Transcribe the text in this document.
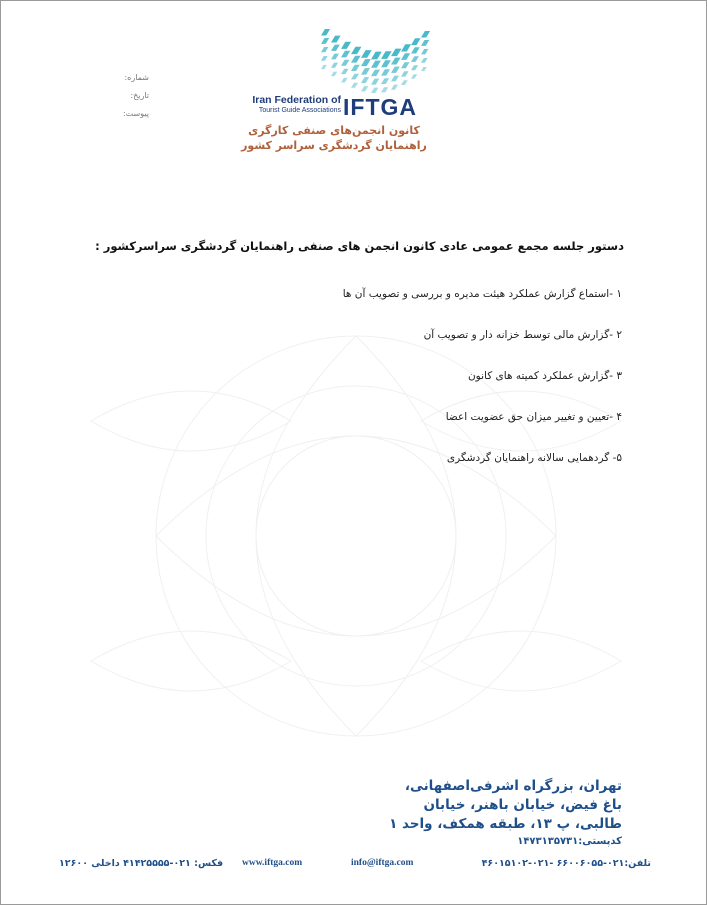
شماره:
تاریخ:
پیوست:
Iran Federation of
Tourist Guide Associations IFTGA
کانون انجمن‌های صنفی کارگری
راهنمایان گردشگری سراسر کشور
دستور جلسه مجمع عمومی عادی کانون انجمن های صنفی راهنمایان گردشگری سراسرکشور :
۱ -استماع گزارش عملکرد هیئت مدیره و بررسی و تصویب آن ها
۲ -گزارش مالی توسط خزانه دار و تصویب آن
۳ -گزارش عملکرد کمیته های کانون
۴ -تعیین و تغییر میزان حق عضویت اعضا
۵- گردهمایی سالانه راهنمایان گردشگری
تهران، بزرگراه اشرفی‌اصفهانی،
باغ فیض، خیابان باهنر، خیابان
طالبی، پ ۱۳، طبقه همکف، واحد ۱
کدپستی:۱۴۷۳۱۳۵۷۳۱
تلفن:۰۲۱-۶۶۰۰۶۰۵۵ -۰۲۱-۴۶۰۱۵۱۰۲
info@iftga.com
www.iftga.com
فکس: ۰۲۱-۴۱۴۲۵۵۵۵ داخلی ۱۲۶۰۰
